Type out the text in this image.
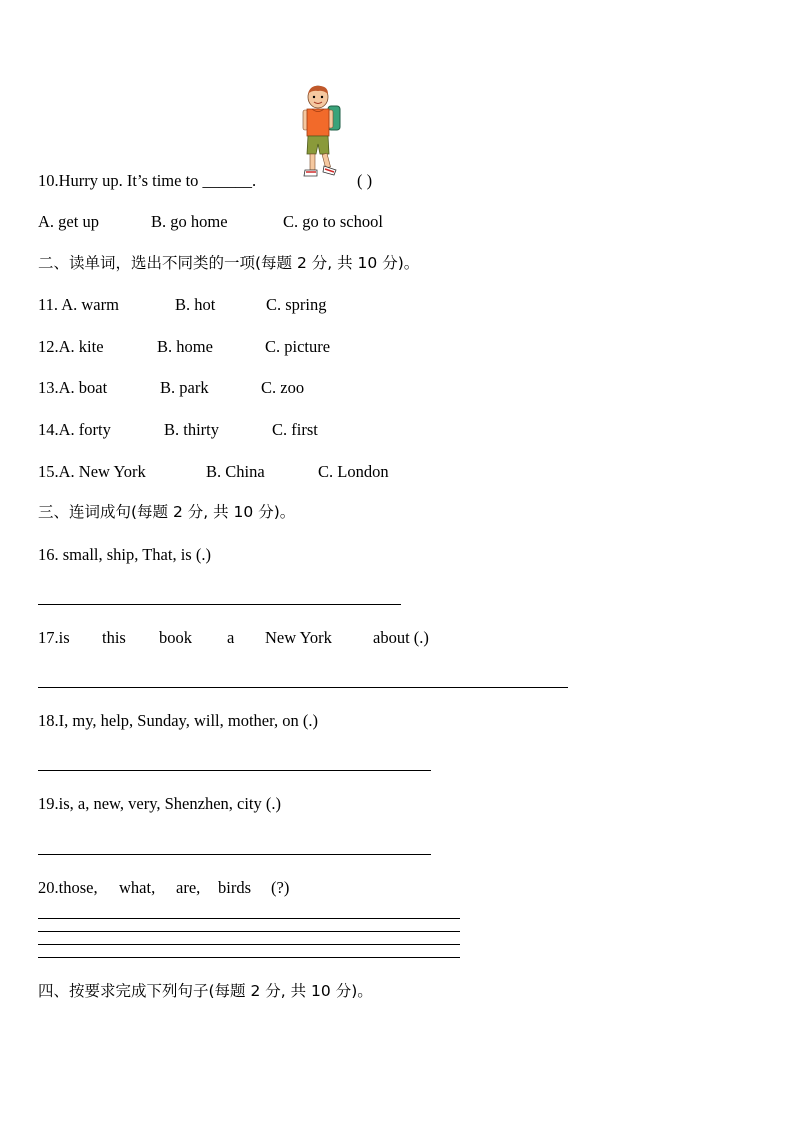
10.Hurry up. It’s time to ______.	( )
A. get up	B. go home	C. go to school
二、读单词，选出不同类的一项(每题 2 分, 共 10 分)。
11. A. warm	B. hot	C. spring
12.A. kite	B. home	C. picture
13.A. boat	B. park	C. zoo
14.A. forty	B. thirty	C. first
15.A. New York	B. China	C. London
三、连词成句(每题 2 分, 共 10 分)。
16. small, ship, That, is (.)
17.is this book a New York about (.)
18.I, my, help, Sunday, will, mother, on (.)
19.is, a, new, very, Shenzhen, city (.)
20.those, what, are, birds (?)
四、按要求完成下列句子(每题 2 分, 共 10 分)。
